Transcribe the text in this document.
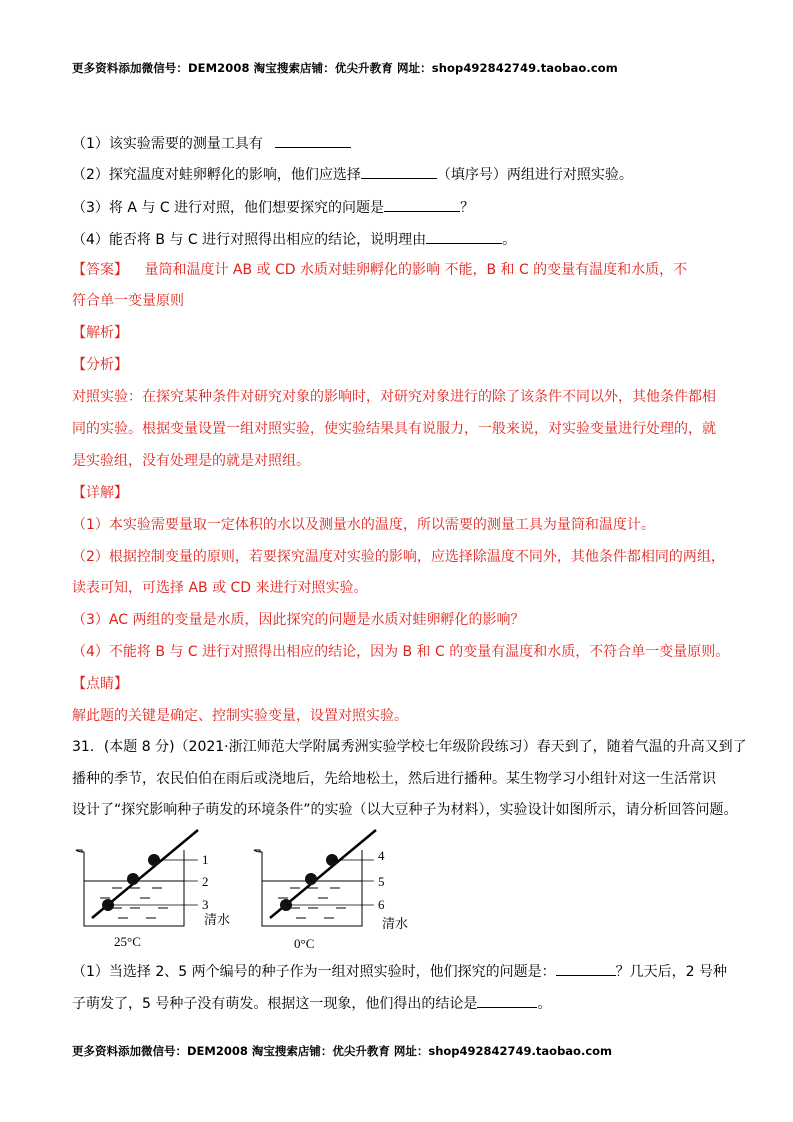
更多资料添加微信号：DEM2008 淘宝搜索店铺：优尖升教育 网址：shop492842749.taobao.com
（1）该实验需要的测量工具有
（2）探究温度对蛙卵孵化的影响，他们应选择	（填序号）两组进行对照实验。
（3）将 A 与 C 进行对照，他们想要探究的问题是	？
（4）能否将 B 与 C 进行对照得出相应的结论，说明理由	。
【答案】 量筒和温度计 AB 或 CD 水质对蛙卵孵化的影响 不能，B 和 C 的变量有温度和水质，不
符合单一变量原则
【解析】
【分析】
对照实验：在探究某种条件对研究对象的影响时，对研究对象进行的除了该条件不同以外，其他条件都相
同的实验。根据变量设置一组对照实验，使实验结果具有说服力，一般来说，对实验变量进行处理的，就
是实验组，没有处理是的就是对照组。
【详解】
（1）本实验需要量取一定体积的水以及测量水的温度，所以需要的测量工具为量筒和温度计。
（2）根据控制变量的原则，若要探究温度对实验的影响，应选择除温度不同外，其他条件都相同的两组，
读表可知，可选择 AB 或 CD 来进行对照实验。
（3）AC 两组的变量是水质，因此探究的问题是水质对蛙卵孵化的影响？
（4）不能将 B 与 C 进行对照得出相应的结论，因为 B 和 C 的变量有温度和水质，不符合单一变量原则。
【点睛】
解此题的关键是确定、控制实验变量，设置对照实验。
31．(本题 8 分)（2021·浙江师范大学附属秀洲实验学校七年级阶段练习）春天到了，随着气温的升高又到了
播种的季节，农民伯伯在雨后或浇地后，先给地松土，然后进行播种。某生物学习小组针对这一生活常识
设计了“探究影响种子萌发的环境条件”的实验（以大豆种子为材料），实验设计如图所示，请分析回答问题。
1
2
3
清水
25°C
4
5
6
清水
0°C
（1）当选择 2、5 两个编号的种子作为一组对照实验时，他们探究的问题是：	？几天后，2 号种
子萌发了，5 号种子没有萌发。根据这一现象，他们得出的结论是	。
更多资料添加微信号：DEM2008 淘宝搜索店铺：优尖升教育 网址：shop492842749.taobao.com
